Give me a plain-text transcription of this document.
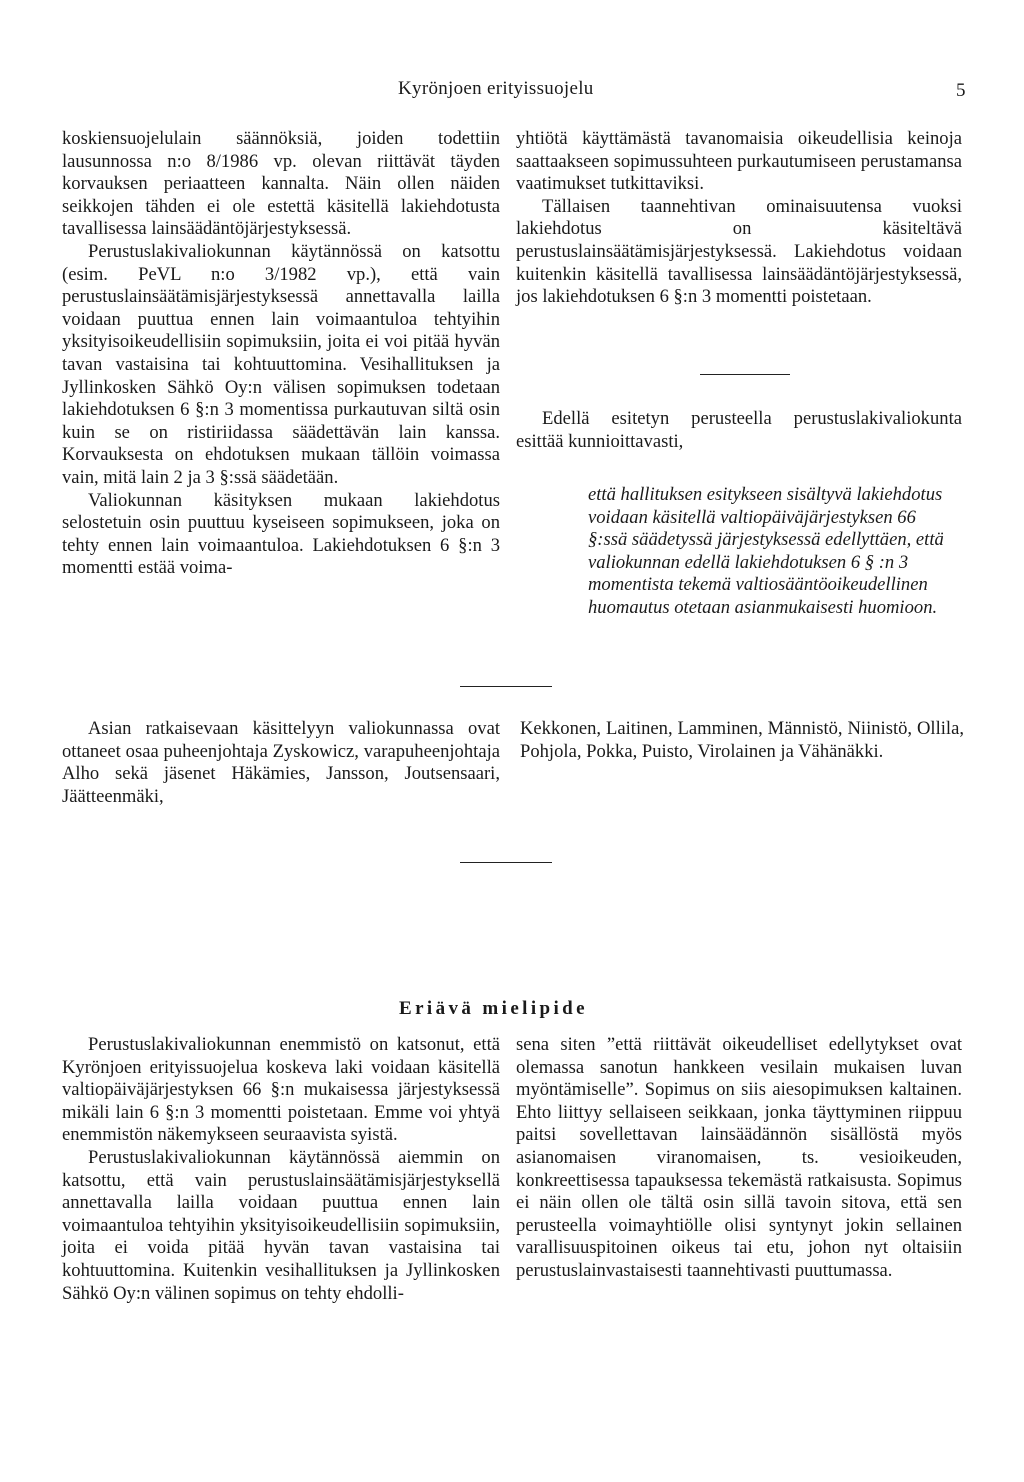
Kyrönjoen erityissuojelu	5

koskiensuojelulain säännöksiä, joiden todettiin lausunnossa n:o 8/1986 vp. olevan riittävät täyden korvauksen periaatteen kannalta. Näin ollen näiden seikkojen tähden ei ole estettä käsitellä lakiehdotusta tavallisessa lainsäädäntöjärjestyksessä.

Perustuslakivaliokunnan käytännössä on katsottu (esim. PeVL n:o 3/1982 vp.), että vain perustuslainsäätämisjärjestyksessä annettavalla lailla voidaan puuttua ennen lain voimaantuloa tehtyihin yksityisoikeudellisiin sopimuksiin, joita ei voi pitää hyvän tavan vastaisina tai kohtuuttomina. Vesihallituksen ja Jyllinkosken Sähkö Oy:n välisen sopimuksen todetaan lakiehdotuksen 6 §:n 3 momentissa purkautuvan siltä osin kuin se on ristiriidassa säädettävän lain kanssa. Korvauksesta on ehdotuksen mukaan tällöin voimassa vain, mitä lain 2 ja 3 §:ssä säädetään.

Valiokunnan käsityksen mukaan lakiehdotus selostetuin osin puuttuu kyseiseen sopimukseen, joka on tehty ennen lain voimaantuloa. Lakiehdotuksen 6 §:n 3 momentti estää voima-

yhtiötä käyttämästä tavanomaisia oikeudellisia keinoja saattaakseen sopimussuhteen purkautumiseen perustamansa vaatimukset tutkittaviksi.

Tällaisen taannehtivan ominaisuutensa vuoksi lakiehdotus on käsiteltävä perustuslainsäätämisjärjestyksessä. Lakiehdotus voidaan kuitenkin käsitellä tavallisessa lainsäädäntöjärjestyksessä, jos lakiehdotuksen 6 §:n 3 momentti poistetaan.

Edellä esitetyn perusteella perustuslakivaliokunta esittää kunnioittavasti,

että hallituksen esitykseen sisältyvä lakiehdotus voidaan käsitellä valtiopäiväjärjestyksen 66 §:ssä säädetyssä järjestyksessä edellyttäen, että valiokunnan edellä lakiehdotuksen 6 § :n 3 momentista tekemä valtiosääntöoikeudellinen huomautus otetaan asianmukaisesti huomioon.

Asian ratkaisevaan käsittelyyn valiokunnassa ovat ottaneet osaa puheenjohtaja Zyskowicz, varapuheenjohtaja Alho sekä jäsenet Häkämies, Jansson, Joutsensaari, Jäätteenmäki,

Kekkonen, Laitinen, Lamminen, Männistö, Niinistö, Ollila, Pohjola, Pokka, Puisto, Virolainen ja Vähänäkki.

Eriävä mielipide

Perustuslakivaliokunnan enemmistö on katsonut, että Kyrönjoen erityissuojelua koskeva laki voidaan käsitellä valtiopäiväjärjestyksen 66 §:n mukaisessa järjestyksessä mikäli lain 6 §:n 3 momentti poistetaan. Emme voi yhtyä enemmistön näkemykseen seuraavista syistä.

Perustuslakivaliokunnan käytännössä aiemmin on katsottu, että vain perustuslainsäätämisjärjestyksellä annettavalla lailla voidaan puuttua ennen lain voimaantuloa tehtyihin yksityisoikeudellisiin sopimuksiin, joita ei voida pitää hyvän tavan vastaisina tai kohtuuttomina. Kuitenkin vesihallituksen ja Jyllinkosken Sähkö Oy:n välinen sopimus on tehty ehdolli-

sena siten ”että riittävät oikeudelliset edellytykset ovat olemassa sanotun hankkeen vesilain mukaisen luvan myöntämiselle”. Sopimus on siis aiesopimuksen kaltainen. Ehto liittyy sellaiseen seikkaan, jonka täyttyminen riippuu paitsi sovellettavan lainsäädännön sisällöstä myös asianomaisen viranomaisen, ts. vesioikeuden, konkreettisessa tapauksessa tekemästä ratkaisusta. Sopimus ei näin ollen ole tältä osin sillä tavoin sitova, että sen perusteella voimayhtiölle olisi syntynyt jokin sellainen varallisuuspitoinen oikeus tai etu, johon nyt oltaisiin perustuslainvastaisesti taannehtivasti puuttumassa.
